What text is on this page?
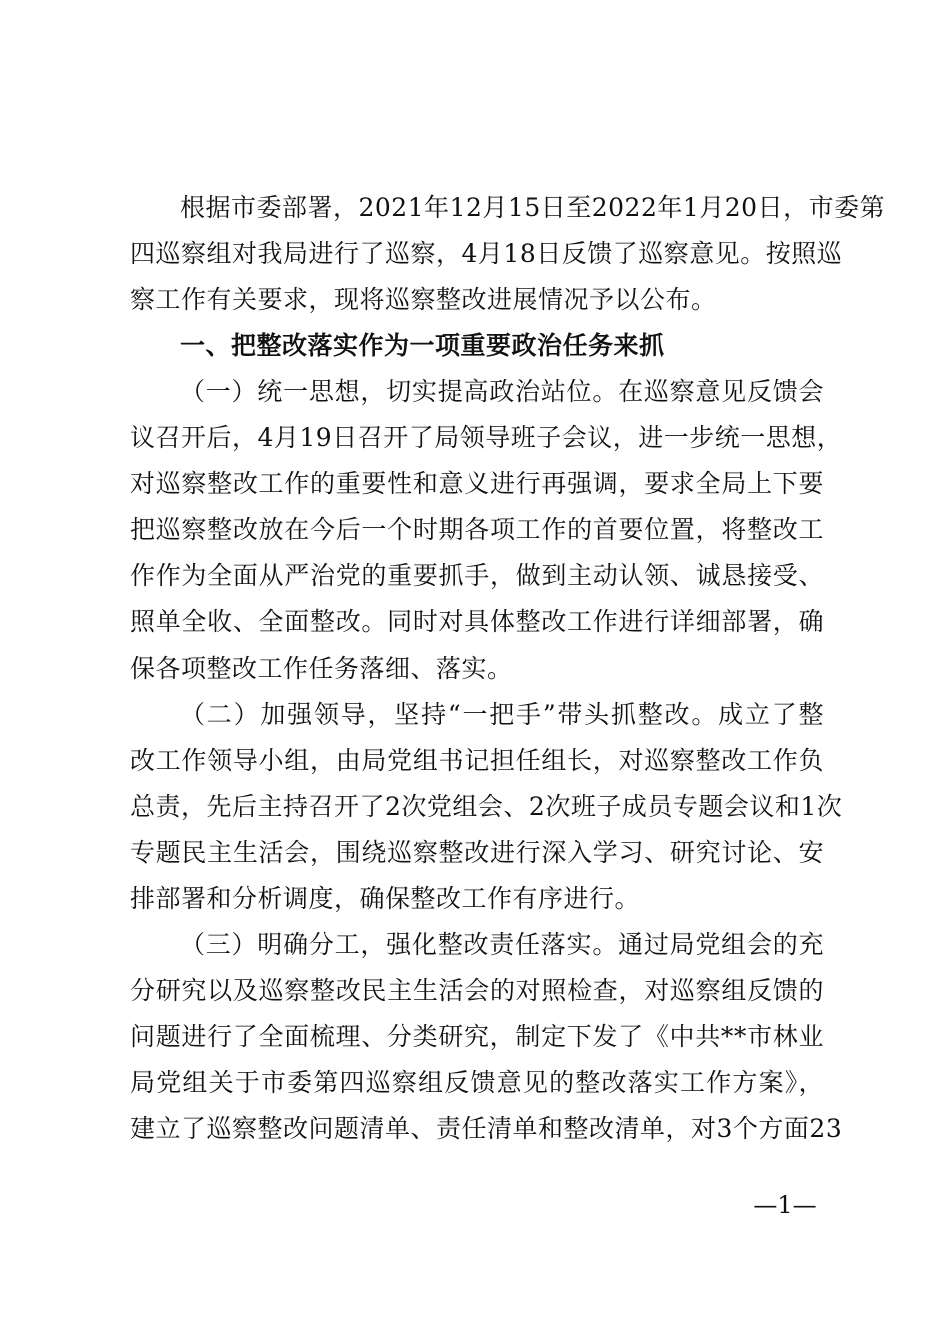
根据市委部署，2021年12月15日至2022年1月20日，市委第
四巡察组对我局进行了巡察，4月18日反馈了巡察意见。按照巡
察工作有关要求，现将巡察整改进展情况予以公布。
一、把整改落实作为一项重要政治任务来抓
（一）统一思想，切实提高政治站位。在巡察意见反馈会
议召开后，4月19日召开了局领导班子会议，进一步统一思想，
对巡察整改工作的重要性和意义进行再强调，要求全局上下要
把巡察整改放在今后一个时期各项工作的首要位置，将整改工
作作为全面从严治党的重要抓手，做到主动认领、诚恳接受、
照单全收、全面整改。同时对具体整改工作进行详细部署，确
保各项整改工作任务落细、落实。
（二）加强领导，坚持“一把手”带头抓整改。成立了整
改工作领导小组，由局党组书记担任组长，对巡察整改工作负
总责，先后主持召开了2次党组会、2次班子成员专题会议和1次
专题民主生活会，围绕巡察整改进行深入学习、研究讨论、安
排部署和分析调度，确保整改工作有序进行。
（三）明确分工，强化整改责任落实。通过局党组会的充
分研究以及巡察整改民主生活会的对照检查，对巡察组反馈的
问题进行了全面梳理、分类研究，制定下发了《中共**市林业
局党组关于市委第四巡察组反馈意见的整改落实工作方案》，
建立了巡察整改问题清单、责任清单和整改清单，对3个方面23
—1—
